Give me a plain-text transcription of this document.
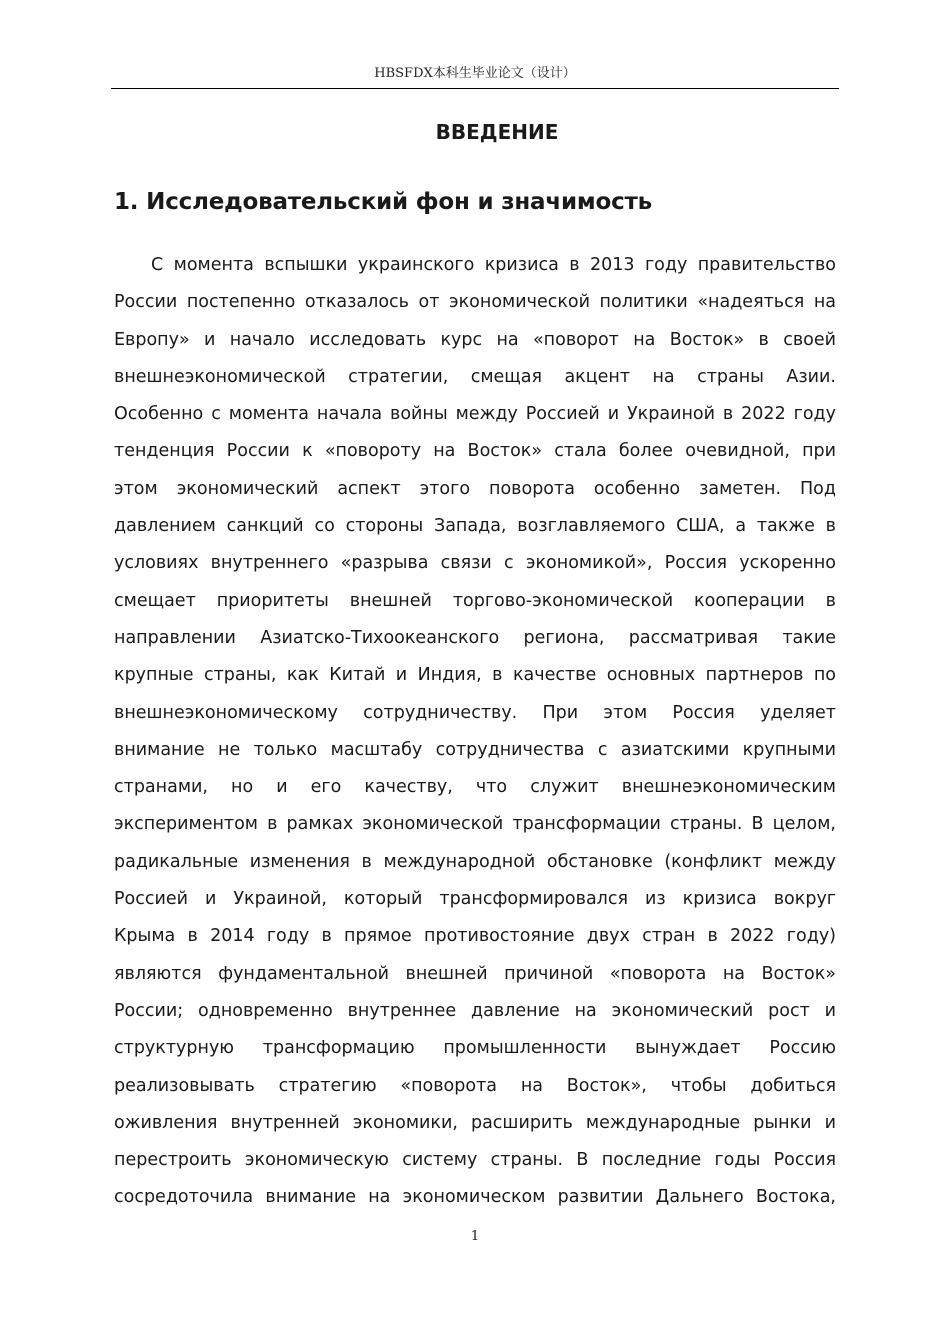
HBSFDX本科生毕业论文（设计）
ВВЕДЕНИЕ
1. Исследовательский фон и значимость
С момента вспышки украинского кризиса в 2013 году правительство
России постепенно отказалось от экономической политики «надеяться на
Европу» и начало исследовать курс на «поворот на Восток» в своей
внешнеэкономической стратегии, смещая акцент на страны Азии.
Особенно с момента начала войны между Россией и Украиной в 2022 году
тенденция России к «повороту на Восток» стала более очевидной, при
этом экономический аспект этого поворота особенно заметен. Под
давлением санкций со стороны Запада, возглавляемого США, а также в
условиях внутреннего «разрыва связи с экономикой», Россия ускоренно
смещает приоритеты внешней торгово-экономической кооперации в
направлении Азиатско-Тихоокеанского региона, рассматривая такие
крупные страны, как Китай и Индия, в качестве основных партнеров по
внешнеэкономическому сотрудничеству. При этом Россия уделяет
внимание не только масштабу сотрудничества с азиатскими крупными
странами, но и его качеству, что служит внешнеэкономическим
экспериментом в рамках экономической трансформации страны. В целом,
радикальные изменения в международной обстановке (конфликт между
Россией и Украиной, который трансформировался из кризиса вокруг
Крыма в 2014 году в прямое противостояние двух стран в 2022 году)
являются фундаментальной внешней причиной «поворота на Восток»
России; одновременно внутреннее давление на экономический рост и
структурную трансформацию промышленности вынуждает Россию
реализовывать стратегию «поворота на Восток», чтобы добиться
оживления внутренней экономики, расширить международные рынки и
перестроить экономическую систему страны. В последние годы Россия
сосредоточила внимание на экономическом развитии Дальнего Востока,
1
